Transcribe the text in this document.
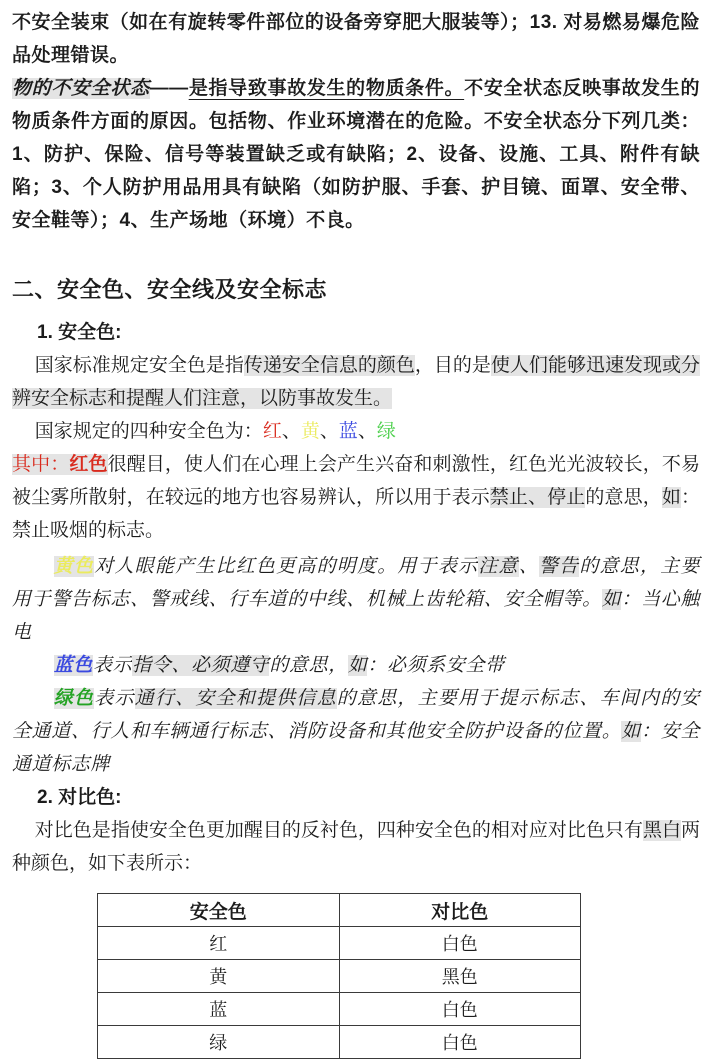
不安全装束（如在有旋转零件部位的设备旁穿肥大服装等）；13. 对易燃易爆危险品处理错误。
物的不安全状态——是指导致事故发生的物质条件。不安全状态反映事故发生的物质条件方面的原因。包括物、作业环境潜在的危险。不安全状态分下列几类：1、防护、保险、信号等装置缺乏或有缺陷；2、设备、设施、工具、附件有缺陷；3、个人防护用品用具有缺陷（如防护服、手套、护目镜、面罩、安全带、安全鞋等）；4、生产场地（环境）不良。
二、安全色、安全线及安全标志
1. 安全色:
国家标准规定安全色是指传递安全信息的颜色，目的是使人们能够迅速发现或分辨安全标志和提醒人们注意，以防事故发生。
国家规定的四种安全色为：红、黄、蓝、绿
其中：红色很醒目，使人们在心理上会产生兴奋和刺激性，红色光光波较长，不易被尘雾所散射，在较远的地方也容易辨认，所以用于表示禁止、停止的意思，如：禁止吸烟的标志。
黄色对人眼能产生比红色更高的明度。用于表示注意、警告的意思，主要用于警告标志、警戒线、行车道的中线、机械上齿轮箱、安全帽等。如：当心触电
蓝色表示指令、必须遵守的意思，如：必须系安全带
绿色表示通行、安全和提供信息的意思，主要用于提示标志、车间内的安全通道、行人和车辆通行标志、消防设备和其他安全防护设备的位置。如：安全通道标志牌
2. 对比色:
对比色是指使安全色更加醒目的反衬色，四种安全色的相对应对比色只有黑白两种颜色，如下表所示：
安全色	对比色
红	白色
黄	黑色
蓝	白色
绿	白色
